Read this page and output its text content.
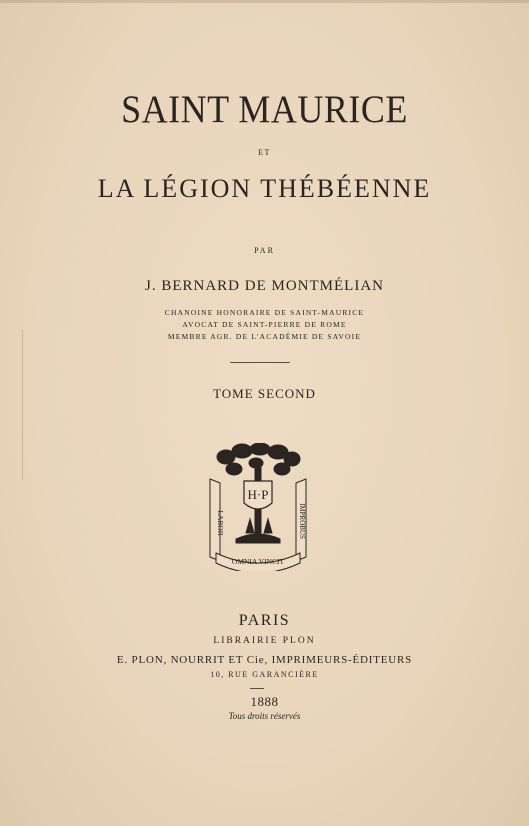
SAINT MAURICE
ET
LA LÉGION THÉBÉENNE
PAR
J. BERNARD DE MONTMÉLIAN
CHANOINE HONORAIRE DE SAINT-MAURICE
AVOCAT DE SAINT-PIERRE DE ROME
MEMBRE AGR. DE L'ACADÉMIE DE SAVOIE
TOME SECOND
H·P
LABOR	IMPROBUS
OMNIA VINCIT
PARIS
LIBRAIRIE PLON
E. PLON, NOURRIT ET Cie, IMPRIMEURS-ÉDITEURS
10, RUE GARANCIÈRE
1888
Tous droits réservés
